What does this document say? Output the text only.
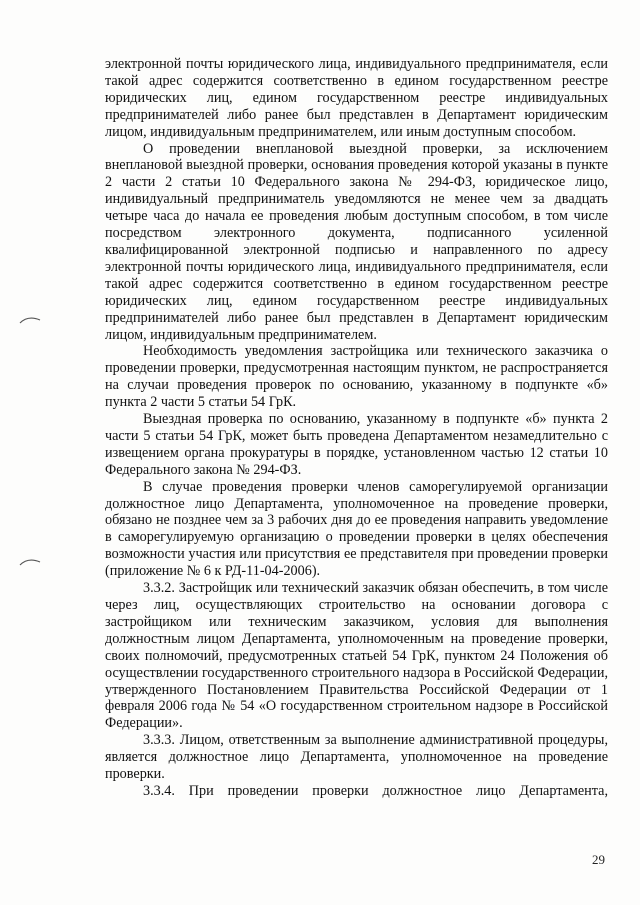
электронной почты юридического лица, индивидуального предпринимателя, если такой адрес содержится соответственно в едином государственном реестре юридических лиц, едином государственном реестре индивидуальных предпринимателей либо ранее был представлен в Департамент юридическим лицом, индивидуальным предпринимателем, или иным доступным способом.

О проведении внеплановой выездной проверки, за исключением внеплановой выездной проверки, основания проведения которой указаны в пункте 2 части 2 статьи 10 Федерального закона № 294-ФЗ, юридическое лицо, индивидуальный предприниматель уведомляются не менее чем за двадцать четыре часа до начала ее проведения любым доступным способом, в том числе посредством электронного документа, подписанного усиленной квалифицированной электронной подписью и направленного по адресу электронной почты юридического лица, индивидуального предпринимателя, если такой адрес содержится соответственно в едином государственном реестре юридических лиц, едином государственном реестре индивидуальных предпринимателей либо ранее был представлен в Департамент юридическим лицом, индивидуальным предпринимателем.

Необходимость уведомления застройщика или технического заказчика о проведении проверки, предусмотренная настоящим пунктом, не распространяется на случаи проведения проверок по основанию, указанному в подпункте «б» пункта 2 части 5 статьи 54 ГрК.

Выездная проверка по основанию, указанному в подпункте «б» пункта 2 части 5 статьи 54 ГрК, может быть проведена Департаментом незамедлительно с извещением органа прокуратуры в порядке, установленном частью 12 статьи 10 Федерального закона № 294-ФЗ.

В случае проведения проверки членов саморегулируемой организации должностное лицо Департамента, уполномоченное на проведение проверки, обязано не позднее чем за 3 рабочих дня до ее проведения направить уведомление в саморегулируемую организацию о проведении проверки в целях обеспечения возможности участия или присутствия ее представителя при проведении проверки (приложение № 6 к РД-11-04-2006).

3.3.2. Застройщик или технический заказчик обязан обеспечить, в том числе через лиц, осуществляющих строительство на основании договора с застройщиком или техническим заказчиком, условия для выполнения должностным лицом Департамента, уполномоченным на проведение проверки, своих полномочий, предусмотренных статьей 54 ГрК, пунктом 24 Положения об осуществлении государственного строительного надзора в Российской Федерации, утвержденного Постановлением Правительства Российской Федерации от 1 февраля 2006 года № 54 «О государственном строительном надзоре в Российской Федерации».

3.3.3. Лицом, ответственным за выполнение административной процедуры, является должностное лицо Департамента, уполномоченное на проведение проверки.

3.3.4. При проведении проверки должностное лицо Департамента,

29
